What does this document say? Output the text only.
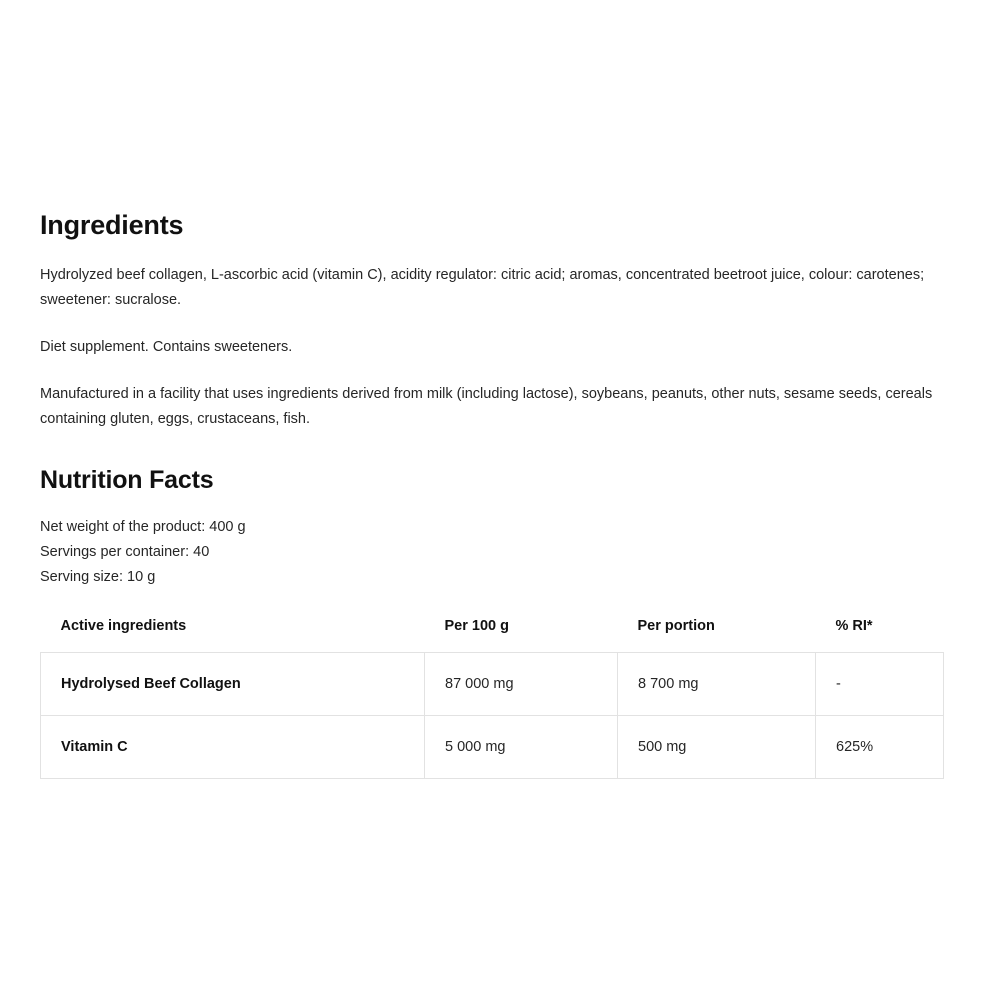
Ingredients

Hydrolyzed beef collagen, L-ascorbic acid (vitamin C), acidity regulator: citric acid; aromas, concentrated beetroot juice, colour: carotenes; sweetener: sucralose.

Diet supplement. Contains sweeteners.

Manufactured in a facility that uses ingredients derived from milk (including lactose), soybeans, peanuts, other nuts, sesame seeds, cereals containing gluten, eggs, crustaceans, fish.

Nutrition Facts
Net weight of the product: 400 g
Servings per container: 40
Serving size: 10 g
Active ingredients	Per 100 g	Per portion	% RI*
Hydrolysed Beef Collagen	87 000 mg	8 700 mg	-
Vitamin C	5 000 mg	500 mg	625%
